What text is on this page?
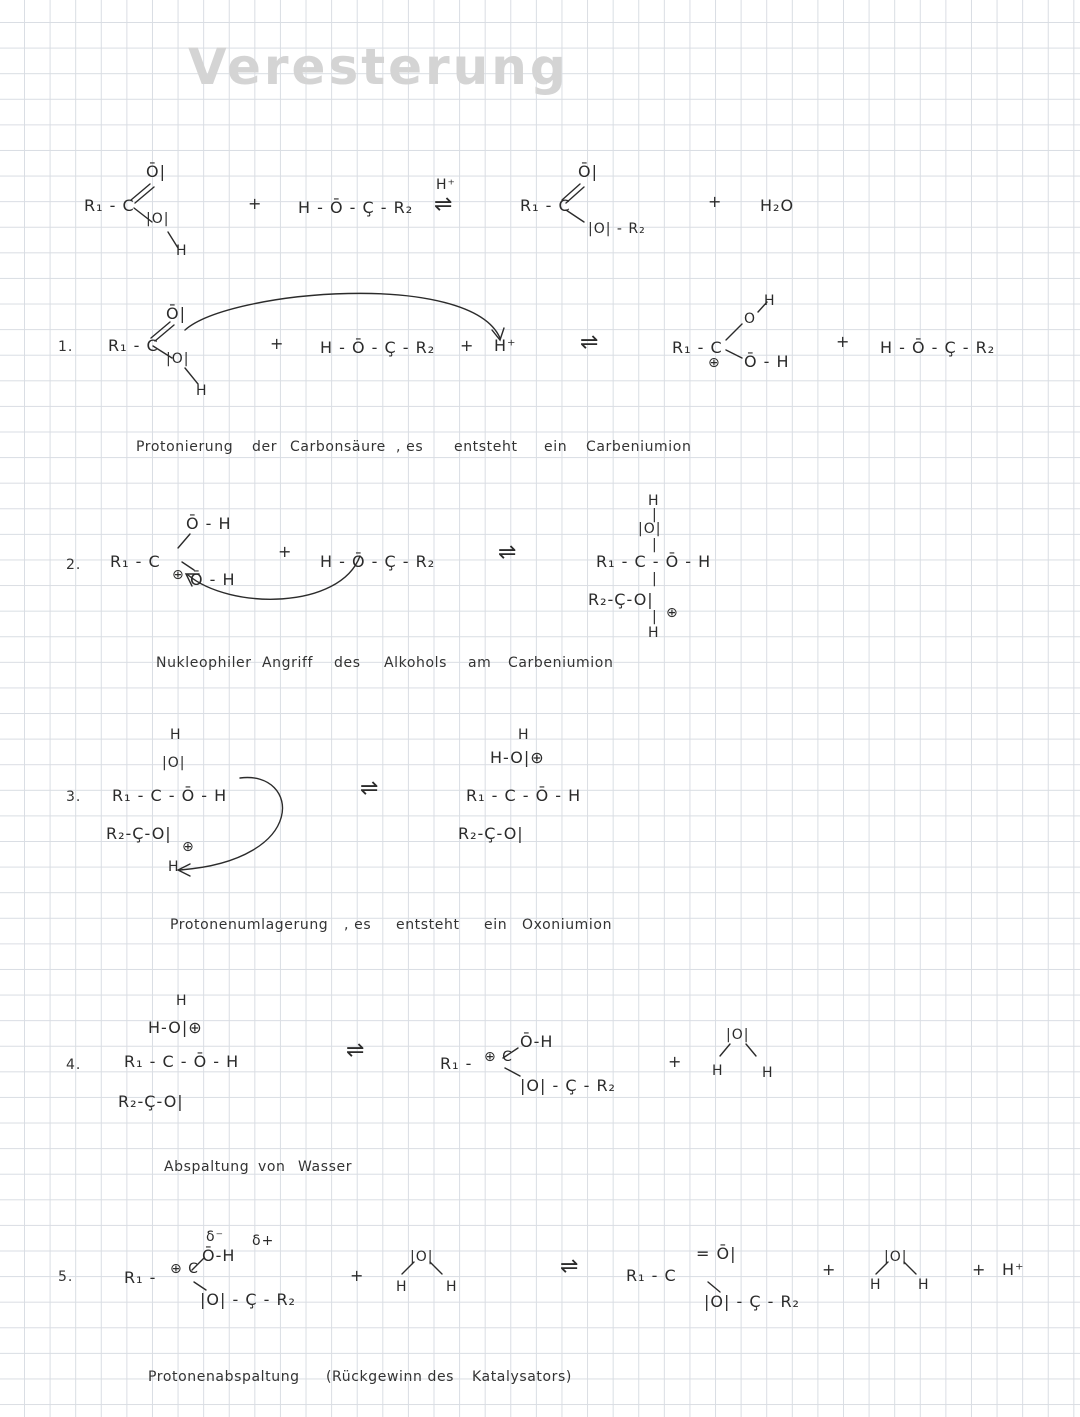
Veresterung
R₁ - C
Ō|
|O|
H
+ H - Ō - Ç - R₂
H⁺
⇌	R₁ - C
Ō|
|O| - R₂
+ H₂O
1. R₁ - C
Ō|
|O|
H
+ H - Ō - Ç - R₂ + H⁺	⇌	R₁ - C
⊕
O
H
Ō - H
+ H - Ō - Ç - R₂
Protonierung der Carbonsäure , es entsteht ein Carbeniumion
2. R₁ - C
⊕
Ō - H
Ō - H
+
H - Ō - Ç - R₂	⇌
H
|
|O|
|
R₁ - C - Ō - H
|
R₂-Ç-O|
⊕
|
H
Nukleophiler Angriff des Alkohols am Carbeniumion
3.
H
|O|
R₁ - C - Ō - H
R₂-Ç-O|
⊕
H
⇌
H
H-O|⊕
R₁ - C - Ō - H
R₂-Ç-O|
Protonenumlagerung , es entsteht ein Oxoniumion
4.
H
H-O|⊕
R₁ - C - Ō - H
R₂-Ç-O|
⇌
R₁ - ⊕ C
Ō-H
|O| - Ç - R₂
+
|O|
H	H
Abspaltung von Wasser
5.	R₁ - ⊕ C
δ⁻ δ+
Ō-H
|O| - Ç - R₂
+
|O|
H	H
⇌	R₁ - C
= Ō|
|O| - Ç - R₂
+
|O|
H	H
+ H⁺
Protonenabspaltung (Rückgewinn des Katalysators)
